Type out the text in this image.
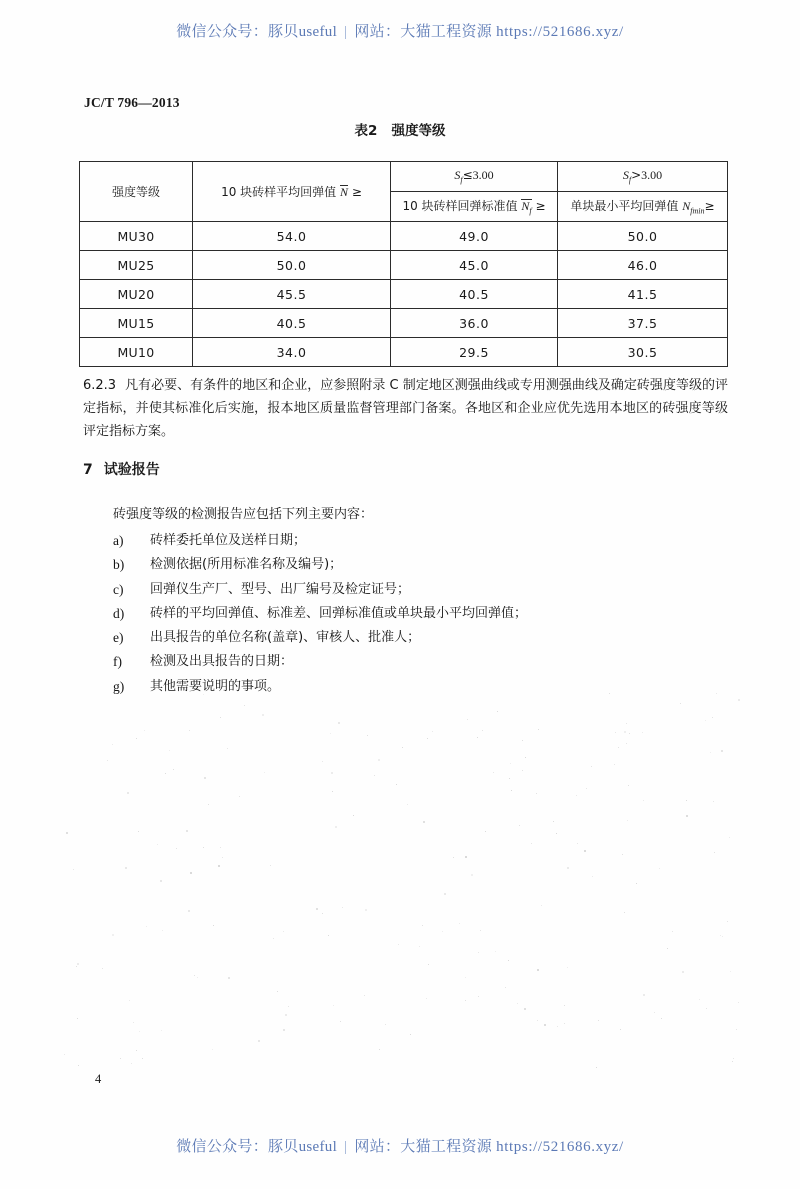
微信公众号：豚贝useful | 网站：大猫工程资源 https://521686.xyz/
JC/T 796—2013
表2 强度等级
强度等级	10 块砖样平均回弹值 N ≥	$S_f\le 3.00$	$S_f>3.00$
		10 块砖样回弹标准值 $N_f$ ≥	单块最小平均回弹值 $N_{fmin}\ge$
MU30	54.0	49.0	50.0
MU25	50.0	45.0	46.0
MU20	45.5	40.5	41.5
MU15	40.5	36.0	37.5
MU10	34.0	29.5	30.5
6.2.3 凡有必要、有条件的地区和企业，应参照附录 C 制定地区测强曲线或专用测强曲线及确定砖强度等级的评定指标，并使其标准化后实施，报本地区质量监督管理部门备案。各地区和企业应优先选用本地区的砖强度等级评定指标方案。
7 试验报告
砖强度等级的检测报告应包括下列主要内容：
a)	砖样委托单位及送样日期；
b)	检测依据(所用标准名称及编号)；
c)	回弹仪生产厂、型号、出厂编号及检定证号；
d)	砖样的平均回弹值、标准差、回弹标准值或单块最小平均回弹值；
e)	出具报告的单位名称(盖章)、审核人、批准人；
f)	检测及出具报告的日期：
g)	其他需要说明的事项。
4
微信公众号：豚贝useful | 网站：大猫工程资源 https://521686.xyz/
